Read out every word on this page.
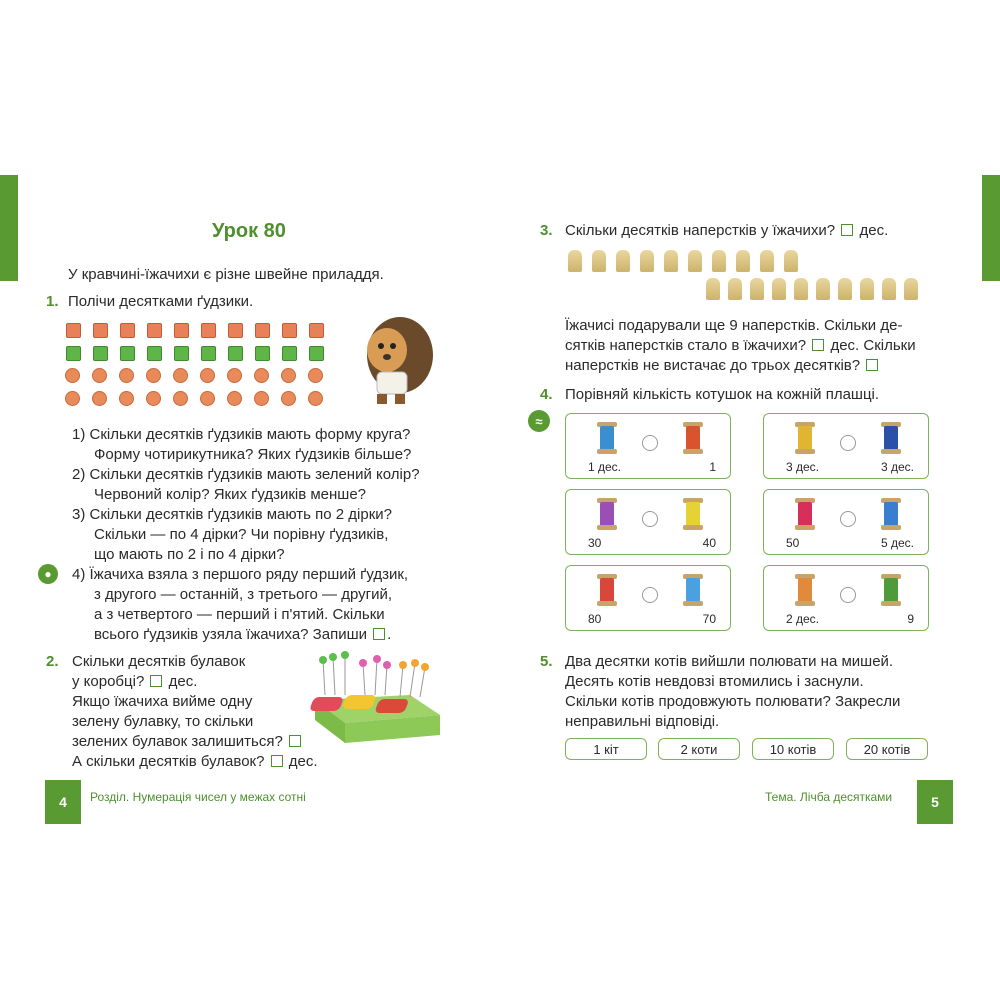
Урок 80
У кравчині-їжачихи є різне швейне приладдя.
1. Полічи десятками ґудзики.
1) Скільки десятків ґудзиків мають форму круга?
Форму чотирикутника? Яких ґудзиків більше?
2) Скільки десятків ґудзиків мають зелений колір?
Червоний колір? Яких ґудзиків менше?
3) Скільки десятків ґудзиків мають по 2 дірки?
Скільки — по 4 дірки? Чи порівну ґудзиків,
що мають по 2 і по 4 дірки?
●	4) Їжачиха взяла з першого ряду перший ґудзик,
з другого — останній, з третього — другий,
а з четвертого — перший і п'ятий. Скільки
всього ґудзиків узяла їжачиха? Запиши .
2. Скільки десятків булавок
у коробці? дес.
Якщо їжачиха вийме одну
зелену булавку, то скільки
зелених булавок залишиться?
А скільки десятків булавок? дес.
4	Розділ. Нумерація чисел у межах сотні
3. Скільки десятків наперстків у їжачихи? дес.
Їжачисі подарували ще 9 наперстків. Скільки де-
сятків наперстків стало в їжачихи? дес. Скільки
наперстків не вистачає до трьох десятків?
4. Порівняй кількість котушок на кожній плашці.
≈
1 дес.	1	3 дес.	3 дес.
30	40	50	5 дес.
80	70	2 дес.	9
5. Два десятки котів вийшли полювати на мишей.
Десять котів невдовзі втомились і заснули.
Скільки котів продовжують полювати? Закресли
неправильні відповіді.
1 кіт	2 коти	10 котів	20 котів
Тема. Лічба десятками	5
